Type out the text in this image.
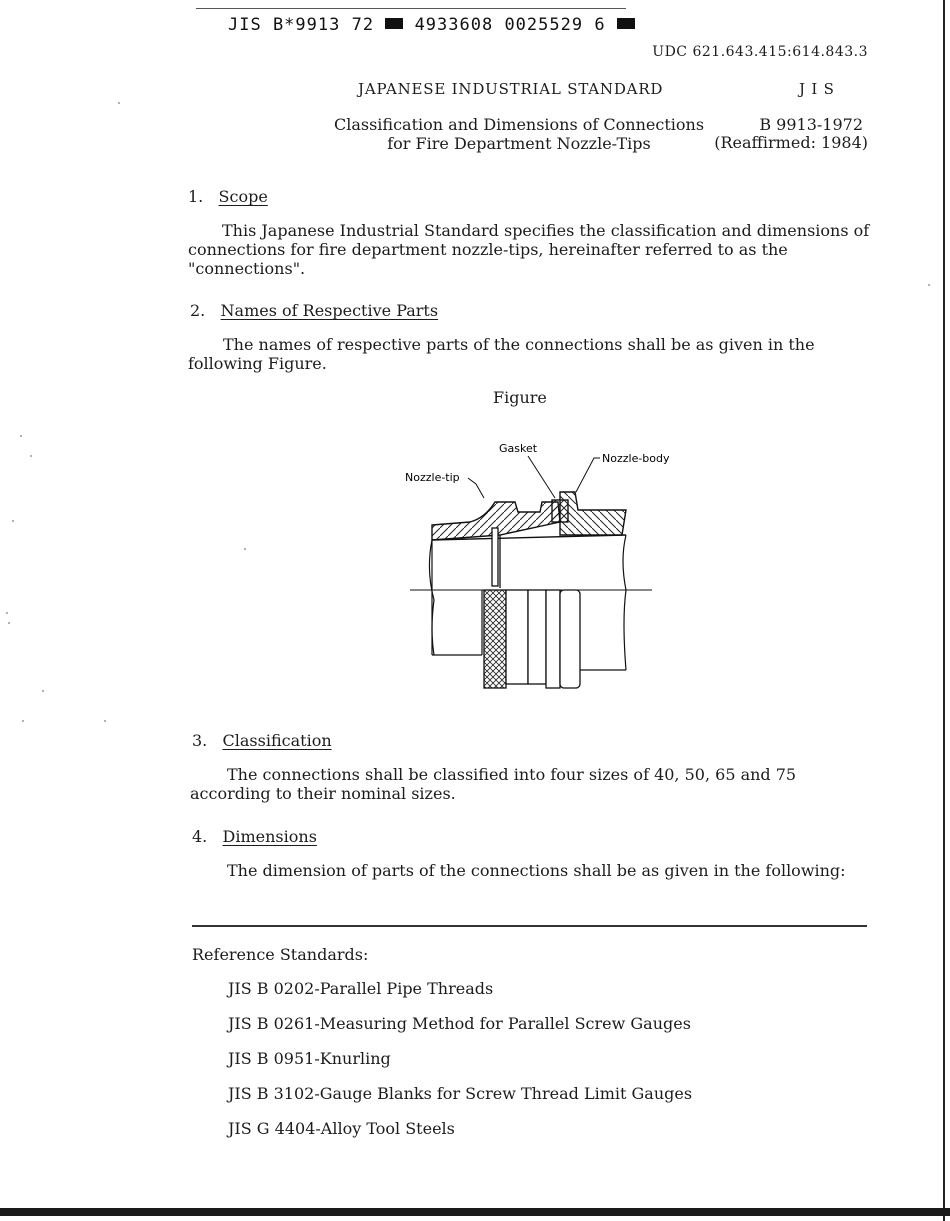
JIS B*9913 72 4933608 0025529 6
UDC 621.643.415:614.843.3
JAPANESE INDUSTRIAL STANDARD	J I S
Classification and Dimensions of Connections
for Fire Department Nozzle-Tips
B 9913-1972
(Reaffirmed: 1984)
1. Scope
This Japanese Industrial Standard specifies the classification and dimensions of connections for fire department nozzle-tips, hereinafter referred to as the "connections".
2. Names of Respective Parts
The names of respective parts of the connections shall be as given in the following Figure.
Figure
Gasket
Nozzle-body
Nozzle-tip
3. Classification
The connections shall be classified into four sizes of 40, 50, 65 and 75 according to their nominal sizes.
4. Dimensions
The dimension of parts of the connections shall be as given in the following:
Reference Standards:
JIS B 0202-Parallel Pipe Threads
JIS B 0261-Measuring Method for Parallel Screw Gauges
JIS B 0951-Knurling
JIS B 3102-Gauge Blanks for Screw Thread Limit Gauges
JIS G 4404-Alloy Tool Steels
